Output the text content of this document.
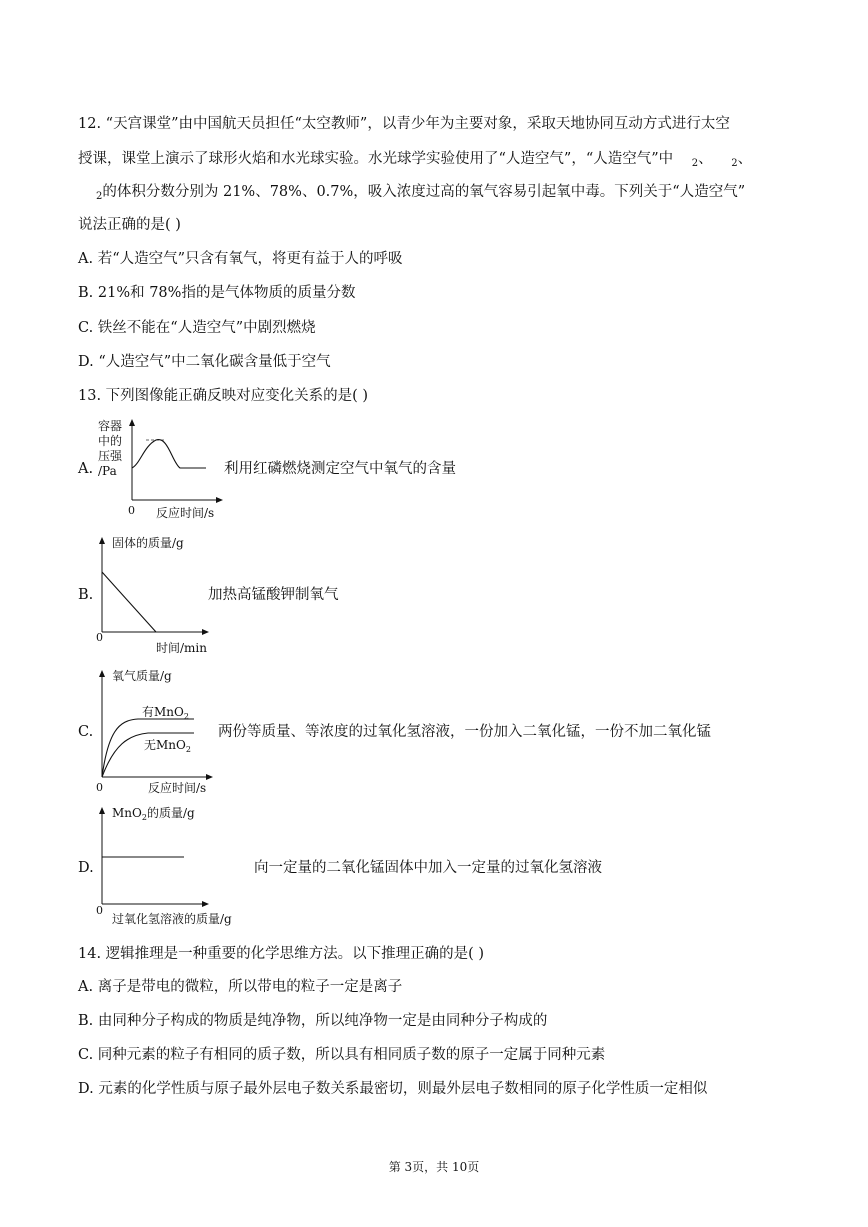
12. “天宫课堂”由中国航天员担任“太空教师”，以青少年为主要对象，采取天地协同互动方式进行太空
授课，课堂上演示了球形火焰和水光球实验。水光球学实验使用了“人造空气”，“人造空气”中 $_2$、 $_2$、
$_2$的体积分数分别为 21%、78%、0.7%，吸入浓度过高的氧气容易引起氧中毒。下列关于“人造空气”
说法正确的是( )
A. 若“人造空气”只含有氧气，将更有益于人的呼吸
B. 21%和 78%指的是气体物质的质量分数
C. 铁丝不能在“人造空气”中剧烈燃烧
D. “人造空气”中二氧化碳含量低于空气
13. 下列图像能正确反映对应变化关系的是( )
A.
容器
中的
压强
/Pa
0 反应时间/s
利用红磷燃烧测定空气中氧气的含量
B.
固体的质量/g
0
时间/min
加热高锰酸钾制氧气
C.
氧气质量/g
有MnO$_2$
无MnO$_2$
0	反应时间/s
两份等质量、等浓度的过氧化氢溶液，一份加入二氧化锰，一份不加二氧化锰
D.
MnO$_2$的质量/g
0
过氧化氢溶液的质量/g
向一定量的二氧化锰固体中加入一定量的过氧化氢溶液
14. 逻辑推理是一种重要的化学思维方法。以下推理正确的是( )
A. 离子是带电的微粒，所以带电的粒子一定是离子
B. 由同种分子构成的物质是纯净物，所以纯净物一定是由同种分子构成的
C. 同种元素的粒子有相同的质子数，所以具有相同质子数的原子一定属于同种元素
D. 元素的化学性质与原子最外层电子数关系最密切，则最外层电子数相同的原子化学性质一定相似
第 3页，共 10页
